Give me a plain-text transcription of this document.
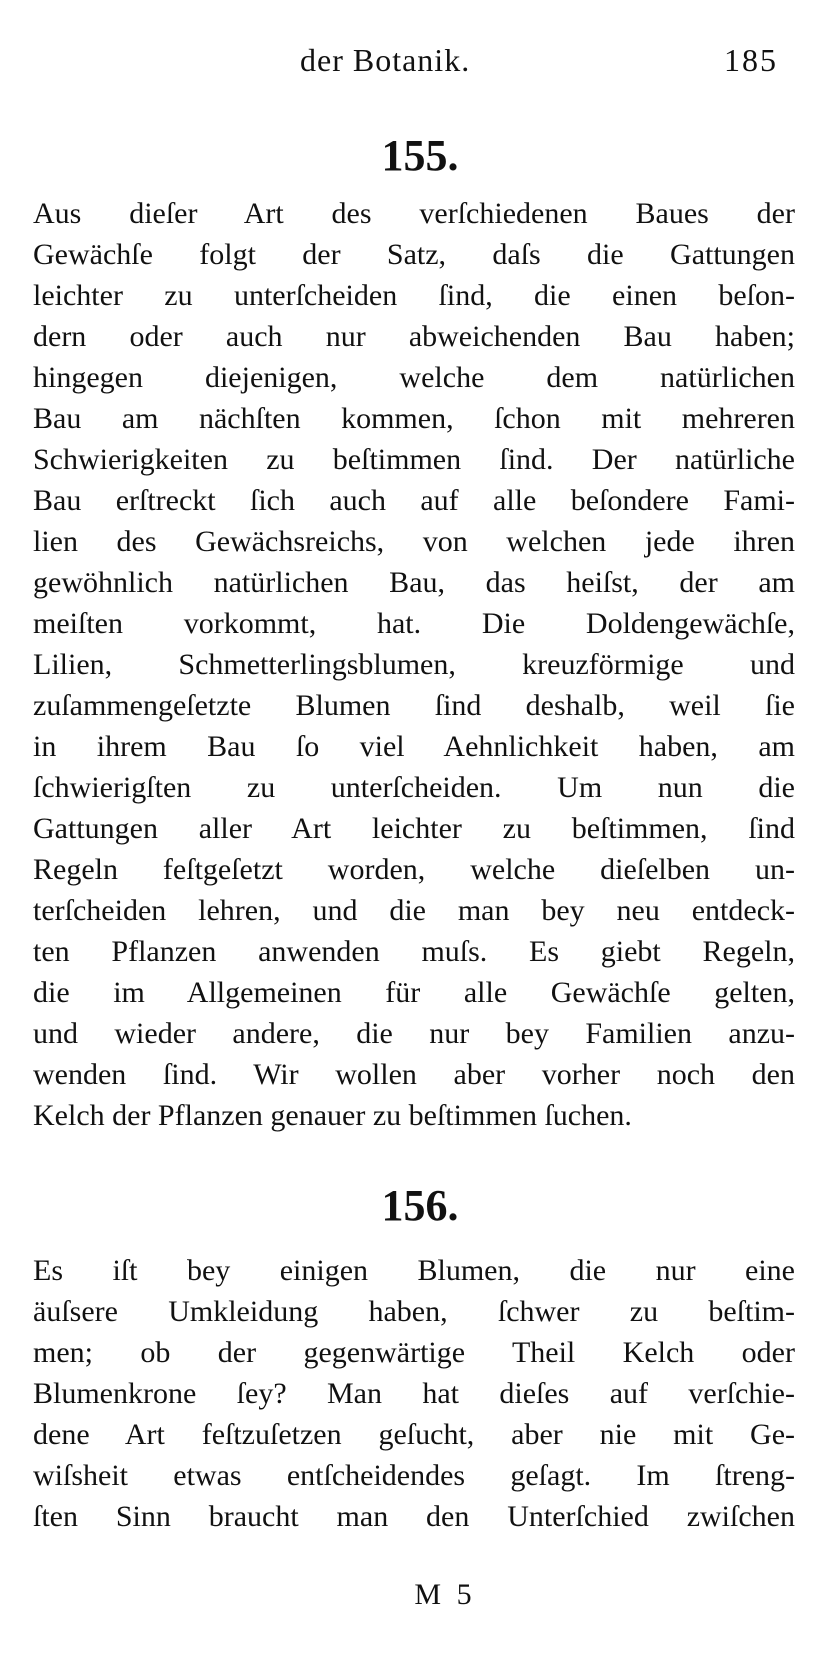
der Botanik.	185
155.
Aus dieſer Art des verſchiedenen Baues der
Gewächſe folgt der Satz, daſs die Gattungen
leichter zu unterſcheiden ſind, die einen beſon-
dern oder auch nur abweichenden Bau haben;
hingegen diejenigen, welche dem natürlichen
Bau am nächſten kommen, ſchon mit mehreren
Schwierigkeiten zu beſtimmen ſind. Der natürliche
Bau erſtreckt ſich auch auf alle beſondere Fami-
lien des Gewächsreichs, von welchen jede ihren
gewöhnlich natürlichen Bau, das heiſst, der am
meiſten vorkommt, hat. Die Doldengewächſe,
Lilien, Schmetterlingsblumen, kreuzförmige und
zuſammengeſetzte Blumen ſind deshalb, weil ſie
in ihrem Bau ſo viel Aehnlichkeit haben, am
ſchwierigſten zu unterſcheiden. Um nun die
Gattungen aller Art leichter zu beſtimmen, ſind
Regeln feſtgeſetzt worden, welche dieſelben un-
terſcheiden lehren, und die man bey neu entdeck-
ten Pflanzen anwenden muſs. Es giebt Regeln,
die im Allgemeinen für alle Gewächſe gelten,
und wieder andere, die nur bey Familien anzu-
wenden ſind. Wir wollen aber vorher noch den
Kelch der Pflanzen genauer zu beſtimmen ſuchen.
156.
Es iſt bey einigen Blumen, die nur eine
äuſsere Umkleidung haben, ſchwer zu beſtim-
men; ob der gegenwärtige Theil Kelch oder
Blumenkrone ſey? Man hat dieſes auf verſchie-
dene Art feſtzuſetzen geſucht, aber nie mit Ge-
wiſsheit etwas entſcheidendes geſagt. Im ſtreng-
ſten Sinn braucht man den Unterſchied zwiſchen
M 5
